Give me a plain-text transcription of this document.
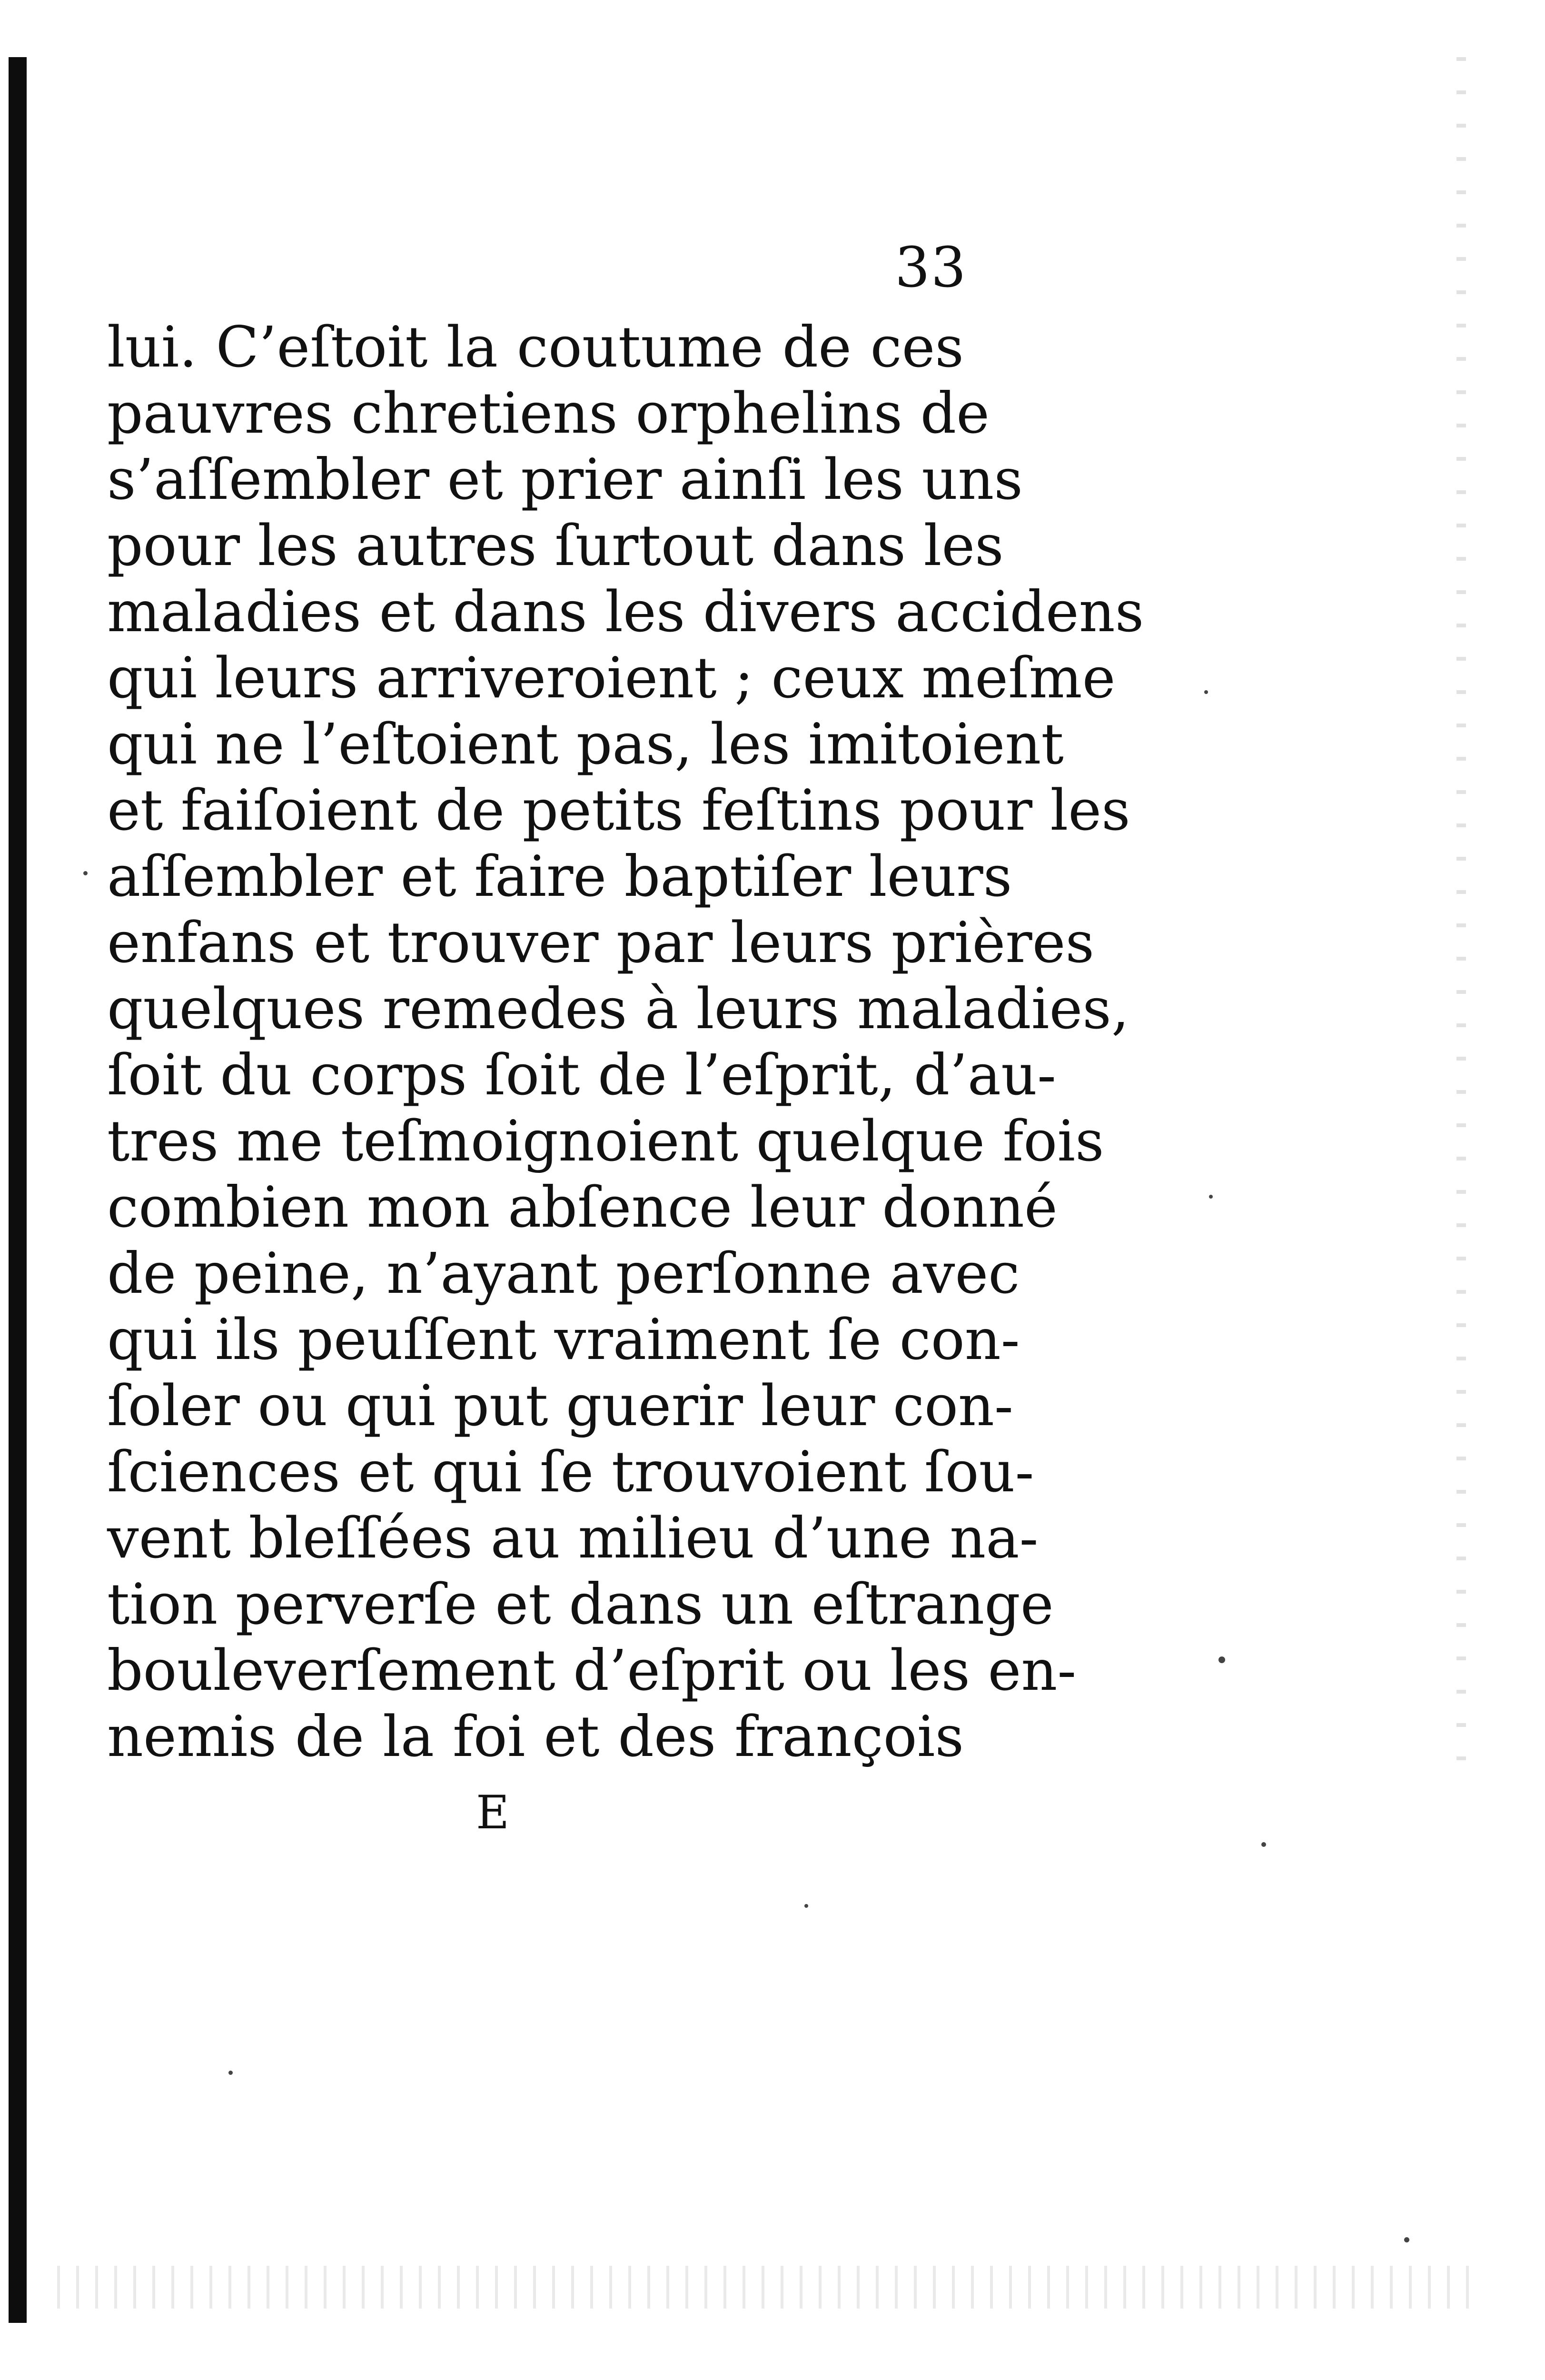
33
lui. C’eſtoit la coutume de ces
pauvres chretiens orphelins de
s’aſſembler et prier ainſi les uns
pour les autres ſurtout dans les
maladies et dans les divers accidens
qui leurs arriveroient ; ceux meſme
qui ne l’eſtoient pas, les imitoient
et faiſoient de petits feſtins pour les
aſſembler et faire baptiſer leurs
enfans et trouver par leurs prières
quelques remedes à leurs maladies,
ſoit du corps ſoit de l’eſprit, d’au-
tres me teſmoignoient quelque fois
combien mon abſence leur donné
de peine, n’ayant perſonne avec
qui ils peuſſent vraiment ſe con-
ſoler ou qui put guerir leur con-
ſciences et qui ſe trouvoient ſou-
vent bleſſées au milieu d’une na-
tion perverſe et dans un eſtrange
bouleverſement d’eſprit ou les en-
nemis de la foi et des françois
E
